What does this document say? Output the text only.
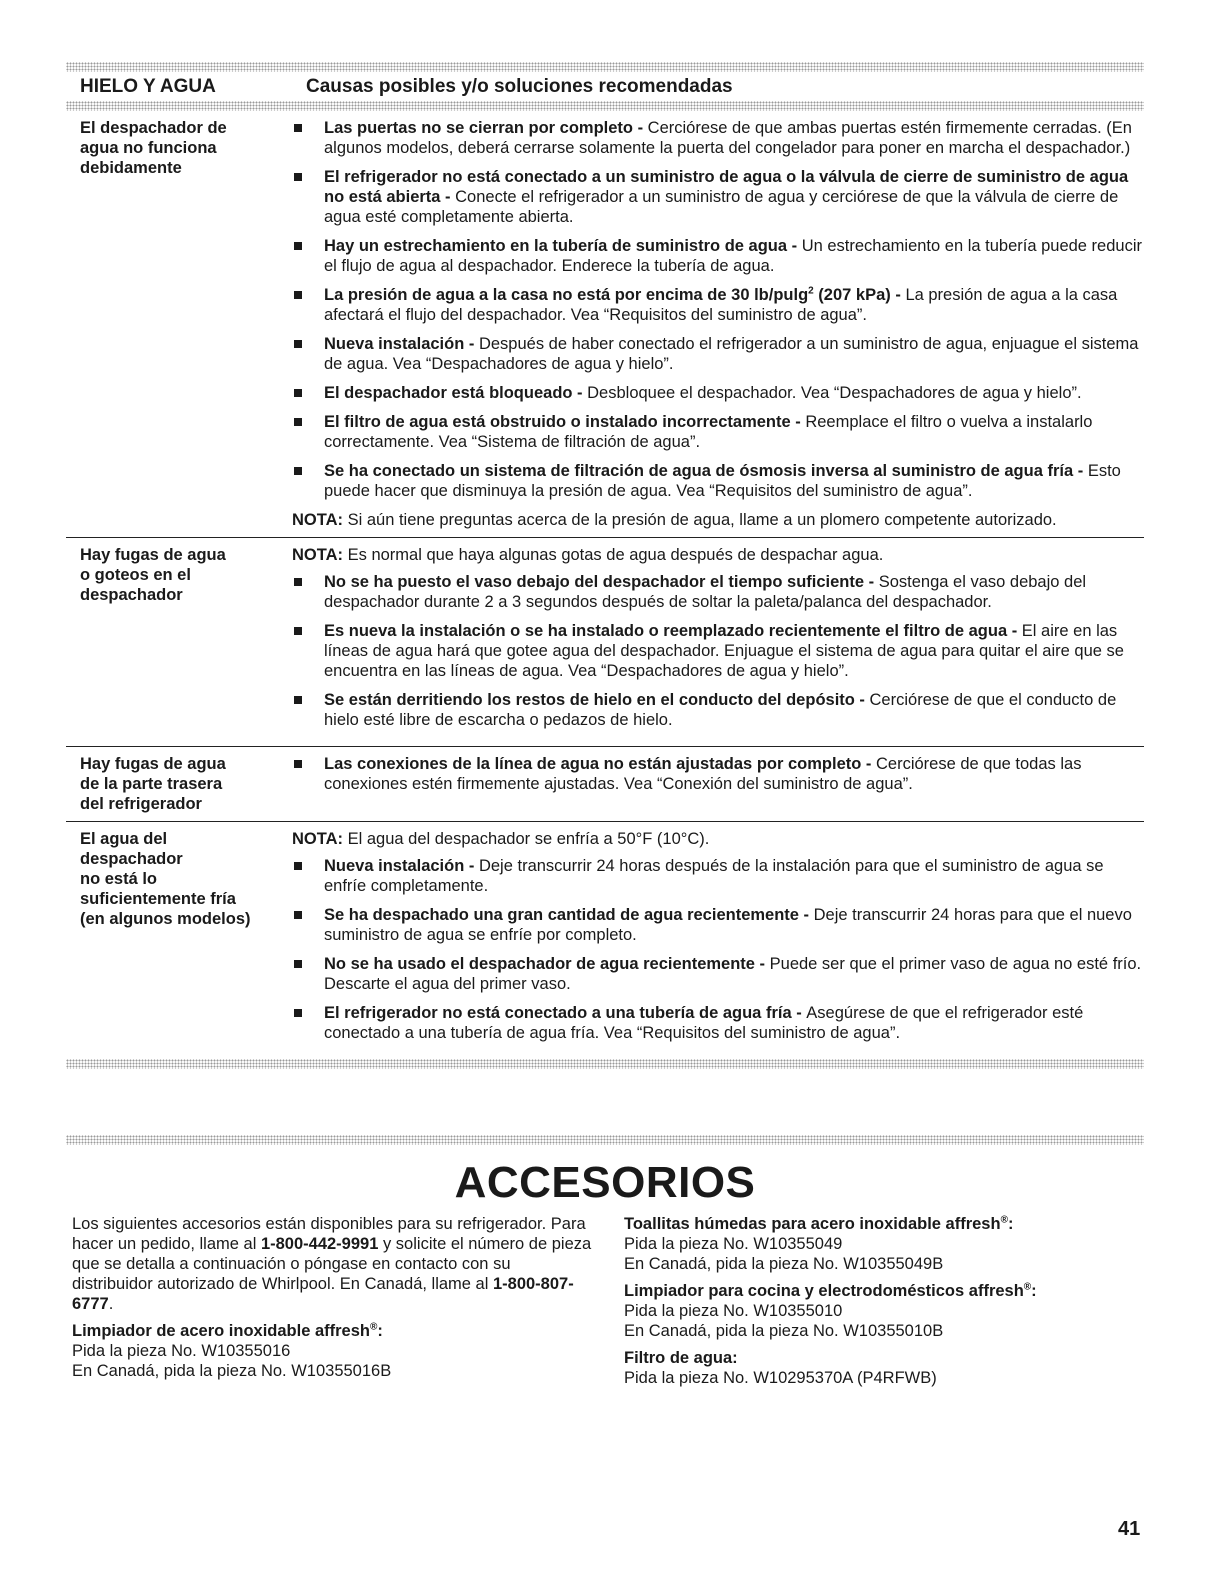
HIELO Y AGUA	Causas posibles y/o soluciones recomendadas
El despachador de
agua no funciona
debidamente
Las puertas no se cierran por completo - Cerciórese de que ambas puertas estén firmemente cerradas. (En algunos modelos, deberá cerrarse solamente la puerta del congelador para poner en marcha el despachador.)
El refrigerador no está conectado a un suministro de agua o la válvula de cierre de suministro de agua no está abierta - Conecte el refrigerador a un suministro de agua y cerciórese de que la válvula de cierre de agua esté completamente abierta.
Hay un estrechamiento en la tubería de suministro de agua - Un estrechamiento en la tubería puede reducir el flujo de agua al despachador. Enderece la tubería de agua.
La presión de agua a la casa no está por encima de 30 lb/pulg$^2$ (207 kPa) - La presión de agua a la casa afectará el flujo del despachador. Vea “Requisitos del suministro de agua”.
Nueva instalación - Después de haber conectado el refrigerador a un suministro de agua, enjuague el sistema de agua. Vea “Despachadores de agua y hielo”.
El despachador está bloqueado - Desbloquee el despachador. Vea “Despachadores de agua y hielo”.
El filtro de agua está obstruido o instalado incorrectamente - Reemplace el filtro o vuelva a instalarlo correctamente. Vea “Sistema de filtración de agua”.
Se ha conectado un sistema de filtración de agua de ósmosis inversa al suministro de agua fría - Esto puede hacer que disminuya la presión de agua. Vea “Requisitos del suministro de agua”.
NOTA: Si aún tiene preguntas acerca de la presión de agua, llame a un plomero competente autorizado.
Hay fugas de agua
o goteos en el
despachador
NOTA: Es normal que haya algunas gotas de agua después de despachar agua.
No se ha puesto el vaso debajo del despachador el tiempo suficiente - Sostenga el vaso debajo del despachador durante 2 a 3 segundos después de soltar la paleta/palanca del despachador.
Es nueva la instalación o se ha instalado o reemplazado recientemente el filtro de agua - El aire en las líneas de agua hará que gotee agua del despachador. Enjuague el sistema de agua para quitar el aire que se encuentra en las líneas de agua. Vea “Despachadores de agua y hielo”.
Se están derritiendo los restos de hielo en el conducto del depósito - Cerciórese de que el conducto de hielo esté libre de escarcha o pedazos de hielo.
Hay fugas de agua
de la parte trasera
del refrigerador
Las conexiones de la línea de agua no están ajustadas por completo - Cerciórese de que todas las conexiones estén firmemente ajustadas. Vea “Conexión del suministro de agua”.
El agua del
despachador
no está lo
suficientemente fría
(en algunos modelos)
NOTA: El agua del despachador se enfría a 50°F (10°C).
Nueva instalación - Deje transcurrir 24 horas después de la instalación para que el suministro de agua se enfríe completamente.
Se ha despachado una gran cantidad de agua recientemente - Deje transcurrir 24 horas para que el nuevo suministro de agua se enfríe por completo.
No se ha usado el despachador de agua recientemente - Puede ser que el primer vaso de agua no esté frío. Descarte el agua del primer vaso.
El refrigerador no está conectado a una tubería de agua fría - Asegúrese de que el refrigerador esté conectado a una tubería de agua fría. Vea “Requisitos del suministro de agua”.
ACCESORIOS

Los siguientes accesorios están disponibles para su refrigerador. Para hacer un pedido, llame al 1-800-442-9991 y solicite el número de pieza que se detalla a continuación o póngase en contacto con su distribuidor autorizado de Whirlpool. En Canadá, llame al 1-800-807-6777.

Limpiador de acero inoxidable affresh®:
Pida la pieza No. W10355016
En Canadá, pida la pieza No. W10355016B

Toallitas húmedas para acero inoxidable affresh®:
Pida la pieza No. W10355049
En Canadá, pida la pieza No. W10355049B

Limpiador para cocina y electrodomésticos affresh®:
Pida la pieza No. W10355010
En Canadá, pida la pieza No. W10355010B

Filtro de agua:
Pida la pieza No. W10295370A (P4RFWB)

41
